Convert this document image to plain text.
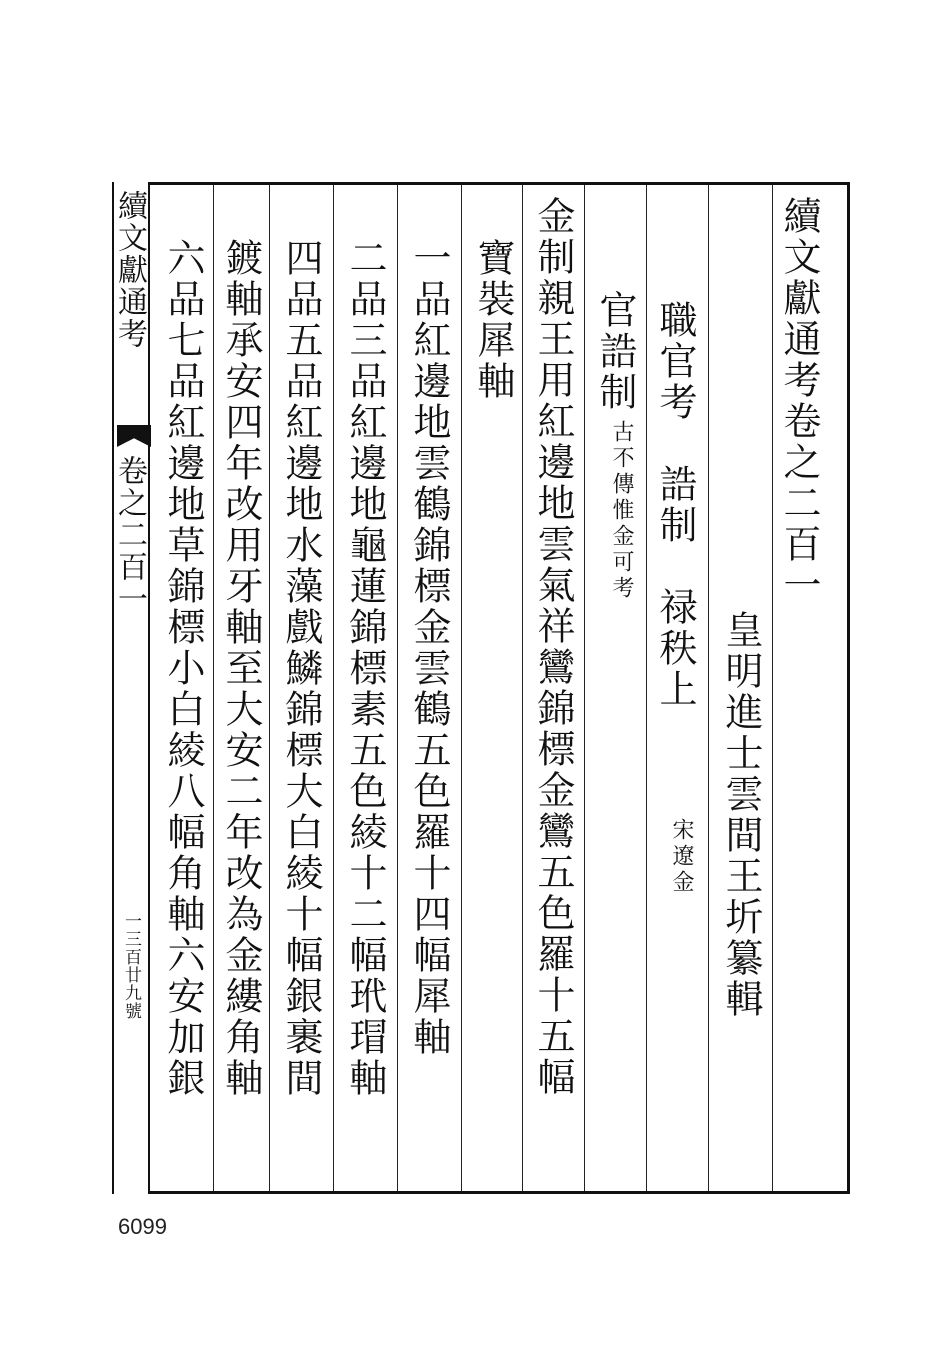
續文獻通考
卷之二百一
一三百廿九號
續文獻通考卷之二百一
皇明進士雲間王圻纂輯
職官考　誥制　禄秩上
宋遼金
官誥制
古不傳惟金可考
金制親王用紅邊地雲氣祥鸞錦標金鸞五色羅十五幅
寶裝犀軸
一品紅邊地雲鶴錦標金雲鶴五色羅十四幅犀軸
二品三品紅邊地龜蓮錦標素五色綾十二幅玳瑁軸
四品五品紅邊地水藻戲鱗錦標大白綾十幅銀裹間
鍍軸承安四年改用牙軸至大安二年改為金縷角軸
六品七品紅邊地草錦標小白綾八幅角軸六安加銀
6099
